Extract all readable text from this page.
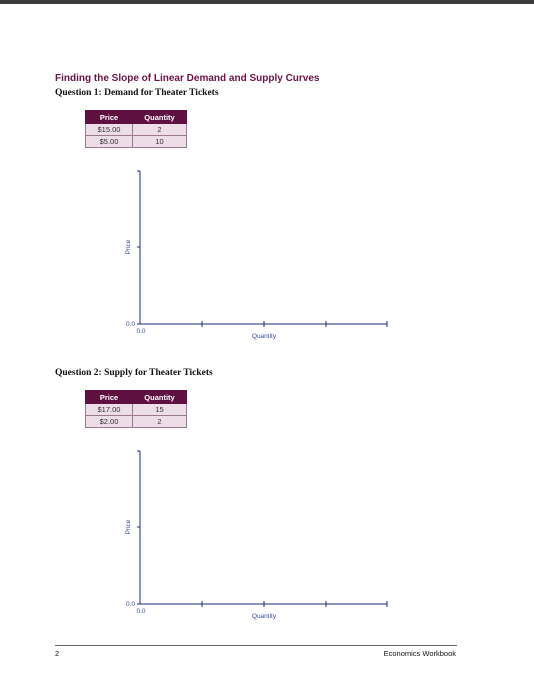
Finding the Slope of Linear Demand and Supply Curves
Question 1: Demand for Theater Tickets
Price	Quantity
$15.00	2
$5.00	10
0.0
0.0
Quantity
Price
Question 2: Supply for Theater Tickets
Price	Quantity
$17.00	15
$2.00	2
0.0
0.0
Quantity
Price
2	Economics Workbook
